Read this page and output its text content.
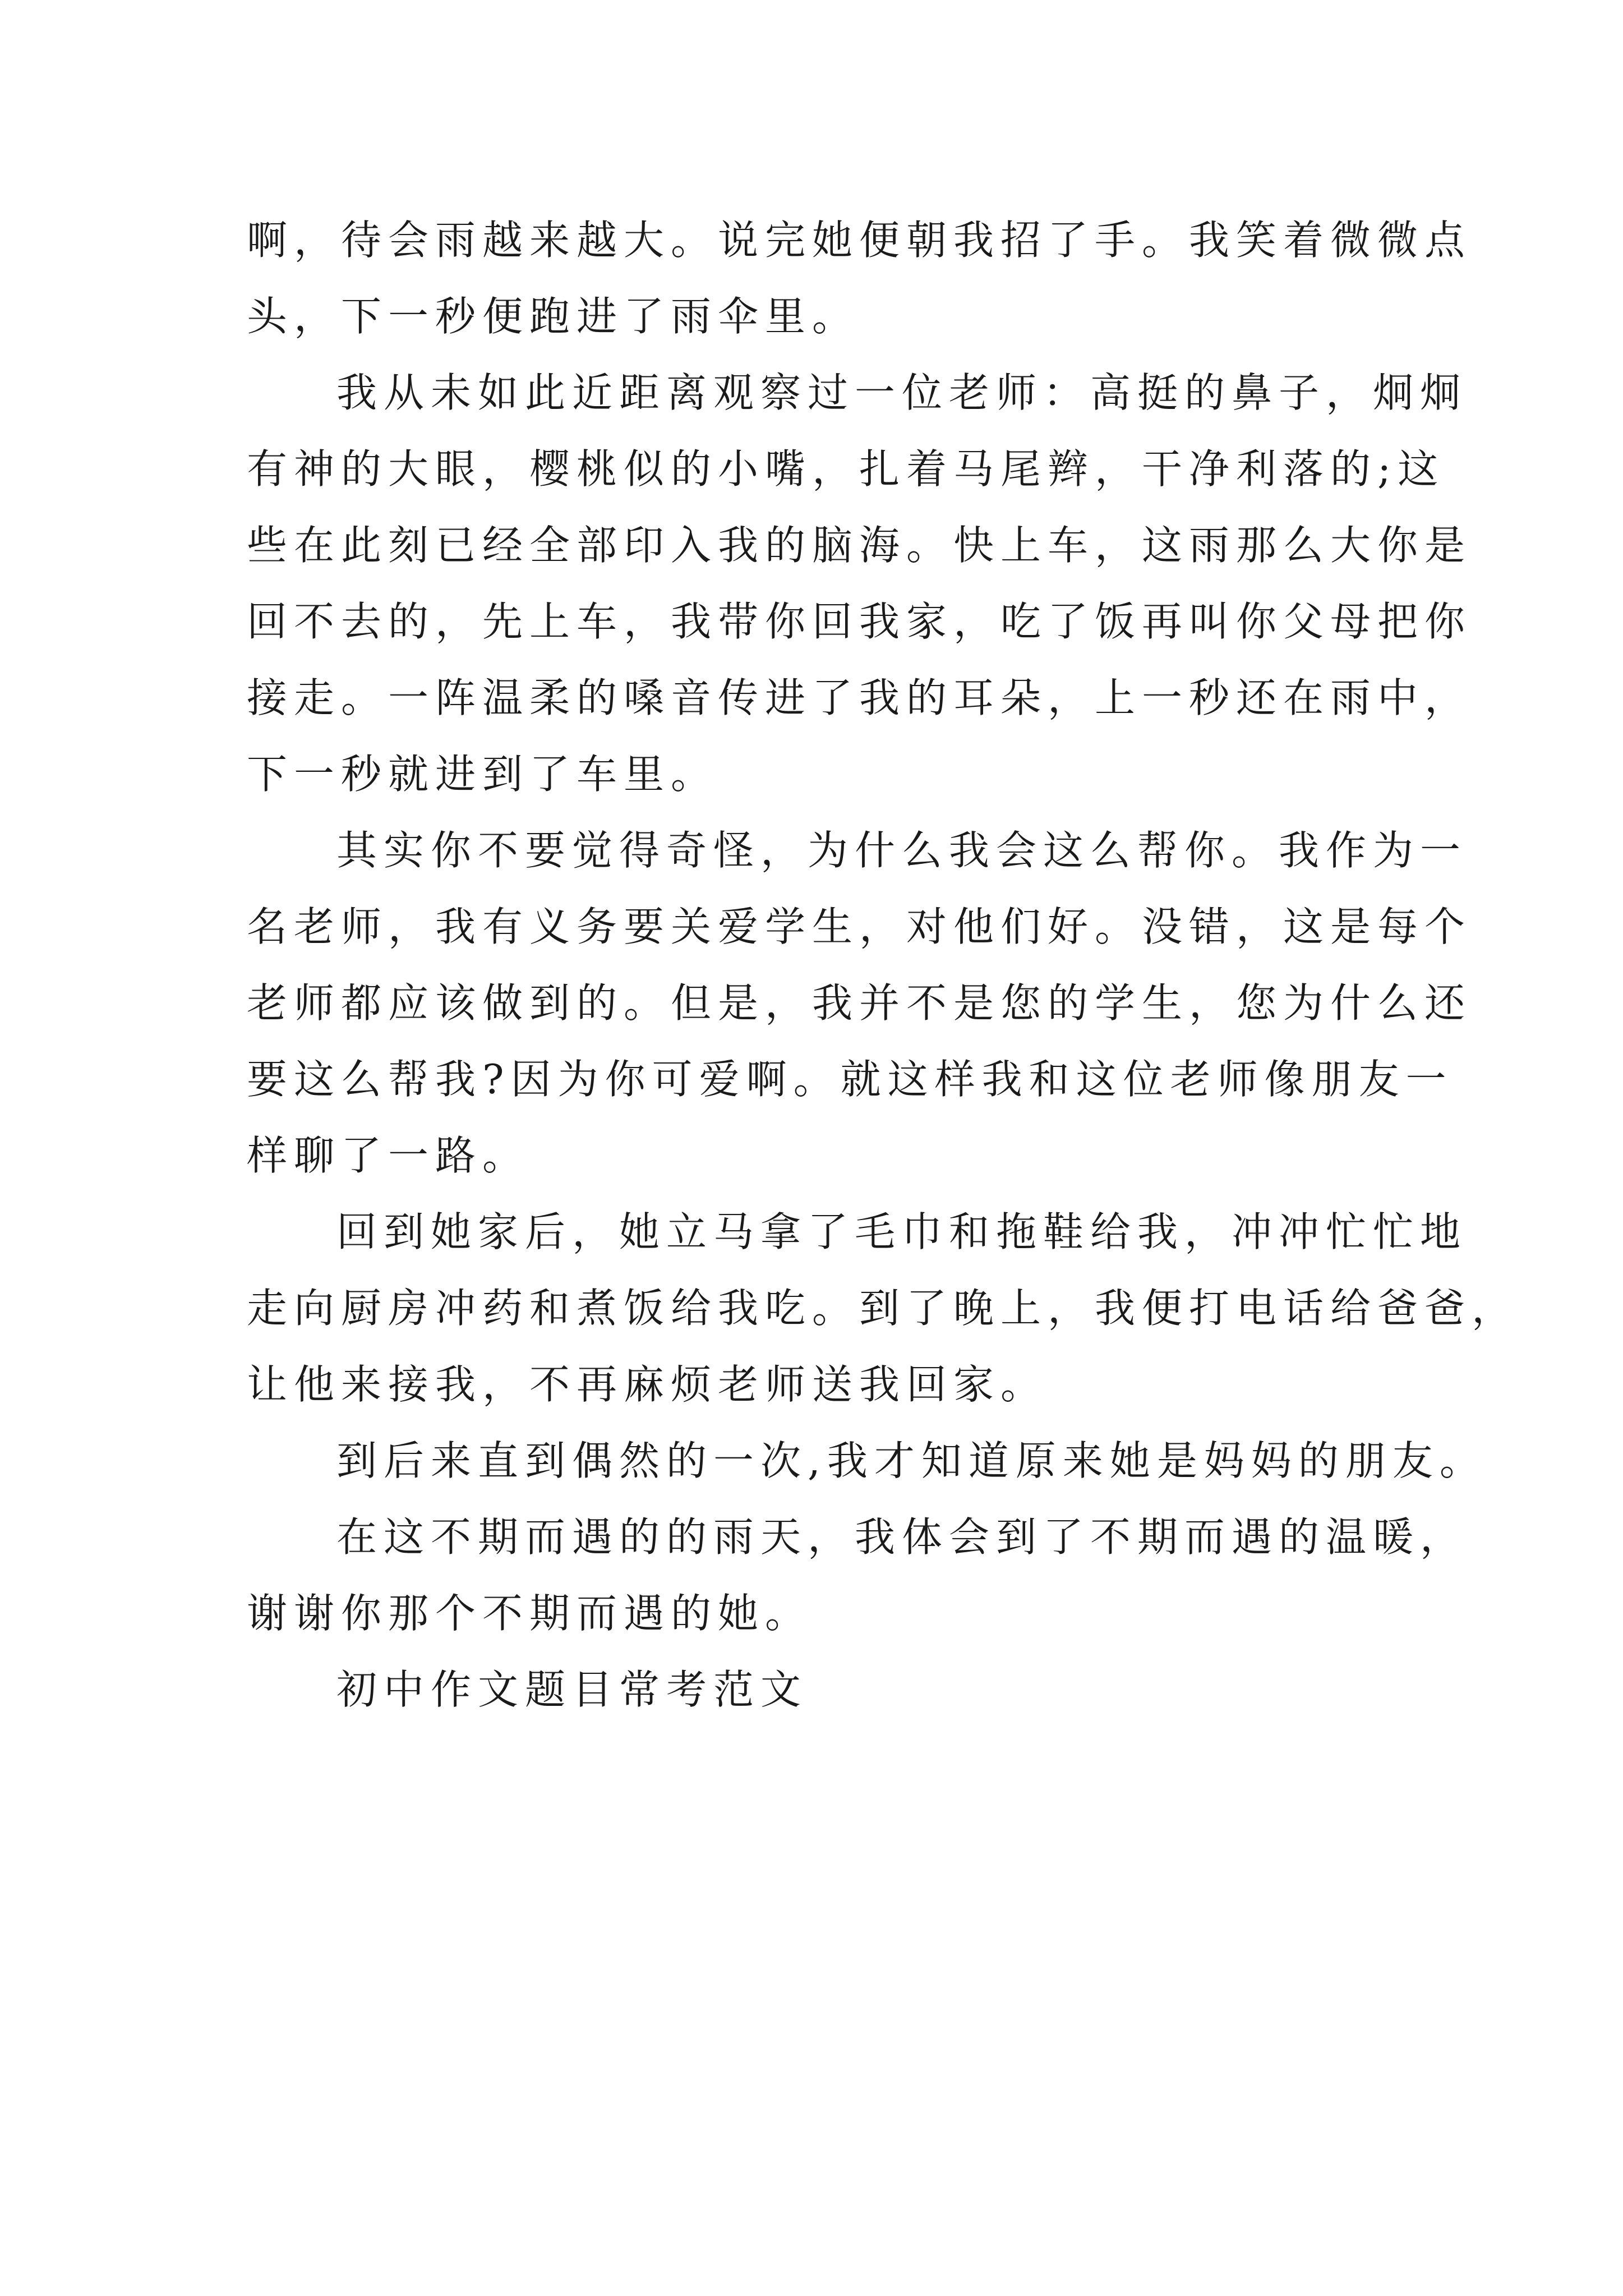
啊，待会雨越来越大。说完她便朝我招了手。我笑着微微点
头，下一秒便跑进了雨伞里。
我从未如此近距离观察过一位老师：高挺的鼻子，炯炯
有神的大眼，樱桃似的小嘴，扎着马尾辫，干净利落的;这
些在此刻已经全部印入我的脑海。快上车，这雨那么大你是
回不去的，先上车，我带你回我家，吃了饭再叫你父母把你
接走。一阵温柔的嗓音传进了我的耳朵，上一秒还在雨中，
下一秒就进到了车里。
其实你不要觉得奇怪，为什么我会这么帮你。我作为一
名老师，我有义务要关爱学生，对他们好。没错，这是每个
老师都应该做到的。但是，我并不是您的学生，您为什么还
要这么帮我?因为你可爱啊。就这样我和这位老师像朋友一
样聊了一路。
回到她家后，她立马拿了毛巾和拖鞋给我，冲冲忙忙地
走向厨房冲药和煮饭给我吃。到了晚上，我便打电话给爸爸，
让他来接我，不再麻烦老师送我回家。
到后来直到偶然的一次,我才知道原来她是妈妈的朋友。
在这不期而遇的的雨天，我体会到了不期而遇的温暖，
谢谢你那个不期而遇的她。
初中作文题目常考范文
